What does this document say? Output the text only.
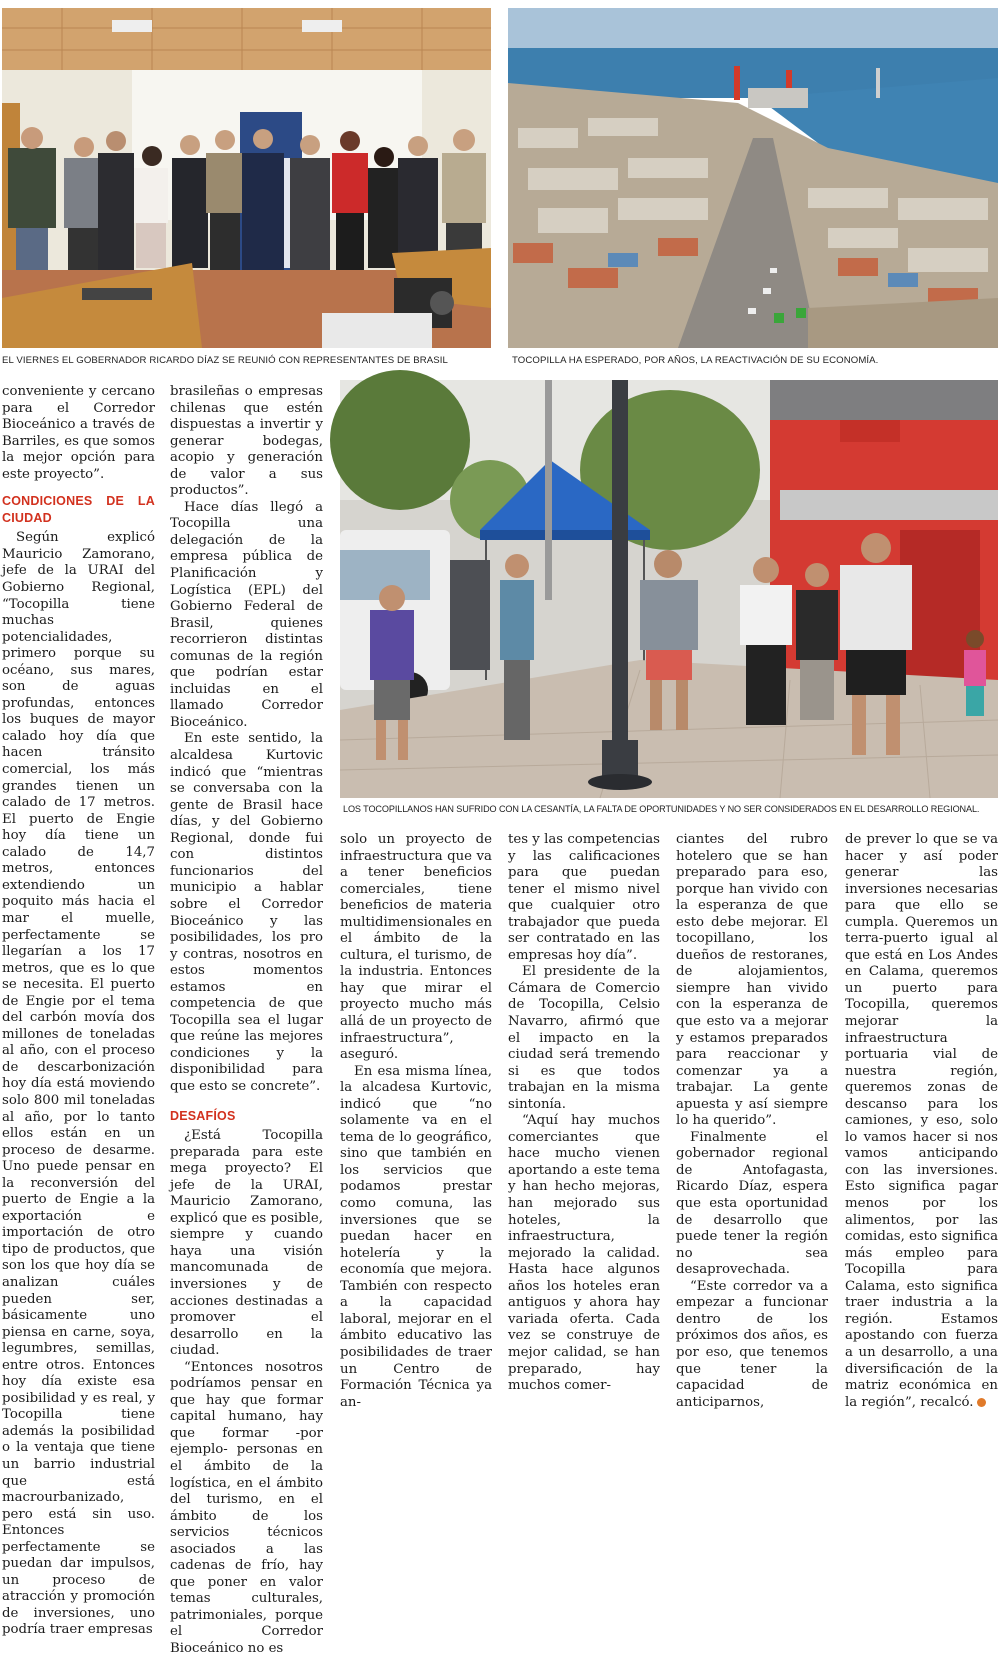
EL VIERNES EL GOBERNADOR RICARDO DÍAZ SE REUNIÓ CON REPRESENTANTES DE BRASIL	TOCOPILLA HA ESPERADO, POR AÑOS, LA REACTIVACIÓN DE SU ECONOMÍA.
LOS TOCOPILLANOS HAN SUFRIDO CON LA CESANTÍA, LA FALTA DE OPORTUNIDADES Y NO SER CONSIDERADOS EN EL DESARROLLO REGIONAL.

conveniente y cercano para el Corredor Bioceánico a través de Barriles, es que somos la mejor opción para este proyecto”.

CONDICIONES DE LA CIUDAD

Según explicó Mauricio Zamorano, jefe de la URAI del Gobierno Regional, “Tocopilla tiene muchas potencialidades, primero porque su océano, sus mares, son de aguas profundas, entonces los buques de mayor calado hoy día que hacen tránsito comercial, los más grandes tienen un calado de 17 metros. El puerto de Engie hoy día tiene un calado de 14,7 metros, entonces extendiendo un poquito más hacia el mar el muelle, perfectamente se llegarían a los 17 metros, que es lo que se necesita. El puerto de Engie por el tema del carbón movía dos millones de toneladas al año, con el proceso de descarbonización hoy día está moviendo solo 800 mil toneladas al año, por lo tanto ellos están en un proceso de desarme. Uno puede pensar en la reconversión del puerto de Engie a la exportación e importación de otro tipo de productos, que son los que hoy día se analizan cuáles pueden ser, básicamente uno piensa en carne, soya, legumbres, semillas, entre otros. Entonces hoy día existe esa posibilidad y es real, y Tocopilla tiene además la posibilidad o la ventaja que tiene un barrio industrial que está macrourbanizado, pero está sin uso. Entonces perfectamente se puedan dar impulsos, un proceso de atracción y promoción de inversiones, uno podría traer empresas

brasileñas o empresas chilenas que estén dispuestas a invertir y generar bodegas, acopio y generación de valor a sus productos”.

Hace días llegó a Tocopilla una delegación de la empresa pública de Planificación y Logística (EPL) del Gobierno Federal de Brasil, quienes recorrieron distintas comunas de la región que podrían estar incluidas en el llamado Corredor Bioceánico.

En este sentido, la alcaldesa Kurtovic indicó que “mientras se conversaba con la gente de Brasil hace días, y del Gobierno Regional, donde fui con distintos funcionarios del municipio a hablar sobre el Corredor Bioceánico y las posibilidades, los pro y contras, nosotros en estos momentos estamos en competencia de que Tocopilla sea el lugar que reúne las mejores condiciones y la disponibilidad para que esto se concrete”.

DESAFÍOS

¿Está Tocopilla preparada para este mega proyecto? El jefe de la URAI, Mauricio Zamorano, explicó que es posible, siempre y cuando haya una visión mancomunada de inversiones y de acciones destinadas a promover el desarrollo en la ciudad.

“Entonces nosotros podríamos pensar en que hay que formar capital humano, hay que formar -por ejemplo- personas en el ámbito de la logística, en el ámbito del turismo, en el ámbito de los servicios técnicos asociados a las cadenas de frío, hay que poner en valor temas culturales, patrimoniales, porque el Corredor Bioceánico no es

solo un proyecto de infraestructura que va a tener beneficios comerciales, tiene beneficios de materia multidimensionales en el ámbito de la cultura, el turismo, de la industria. Entonces hay que mirar el proyecto mucho más allá de un proyecto de infraestructura”, aseguró.

En esa misma línea, la alcadesa Kurtovic, indicó que “no solamente va en el tema de lo geográfico, sino que también en los servicios que podamos prestar como comuna, las inversiones que se puedan hacer en hotelería y la economía que mejora. También con respecto a la capacidad laboral, mejorar en el ámbito educativo las posibilidades de traer un Centro de Formación Técnica ya an-

tes y las competencias y las calificaciones para que puedan tener el mismo nivel que cualquier otro trabajador que pueda ser contratado en las empresas hoy día”.

El presidente de la Cámara de Comercio de Tocopilla, Celsio Navarro, afirmó que el impacto en la ciudad será tremendo si es que todos trabajan en la misma sintonía.

“Aquí hay muchos comerciantes que hace mucho vienen aportando a este tema y han hecho mejoras, han mejorado sus hoteles, la infraestructura, mejorado la calidad. Hasta hace algunos años los hoteles eran antiguos y ahora hay variada oferta. Cada vez se construye de mejor calidad, se han preparado, hay muchos comer-

ciantes del rubro hotelero que se han preparado para eso, porque han vivido con la esperanza de que esto debe mejorar. El tocopillano, los dueños de restoranes, de alojamientos, siempre han vivido con la esperanza de que esto va a mejorar y estamos preparados para reaccionar y comenzar ya a trabajar. La gente apuesta y así siempre lo ha querido”.

Finalmente el gobernador regional de Antofagasta, Ricardo Díaz, espera que esta oportunidad de desarrollo que puede tener la región no sea desaprovechada.

“Este corredor va a empezar a funcionar dentro de los próximos dos años, es por eso, que tenemos que tener la capacidad de anticiparnos,

de prever lo que se va hacer y así poder generar las inversiones necesarias para que ello se cumpla. Queremos un terra-puerto igual al que está en Los Andes en Calama, queremos un puerto para Tocopilla, queremos mejorar la infraestructura portuaria vial de nuestra región, queremos zonas de descanso para los camiones, y eso, solo lo vamos hacer si nos vamos anticipando con las inversiones. Esto significa pagar menos por los alimentos, por las comidas, esto significa más empleo para Tocopilla para Calama, esto significa traer industria a la región. Estamos apostando con fuerza a un desarrollo, a una diversificación de la matriz económica en la región”, recalcó.
